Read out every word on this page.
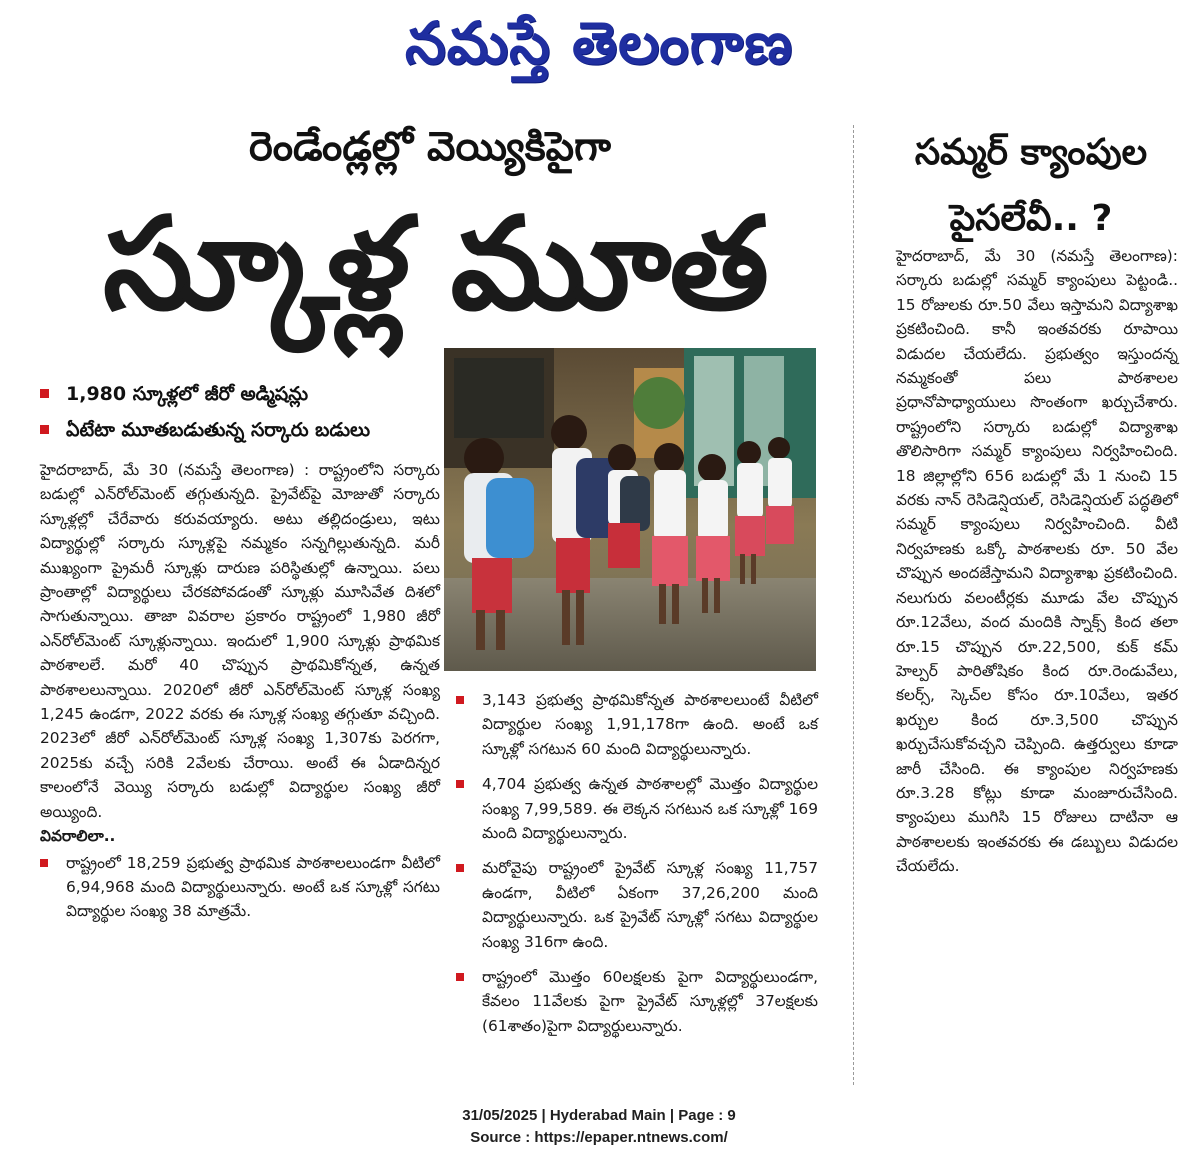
నమస్తే తెలంగాణ
రెండేండ్లల్లో వెయ్యికిపైగా
స్కూళ్ల మూత
1,980 స్కూళ్లలో జీరో అడ్మిషన్లు
ఏటేటా మూతబడుతున్న సర్కారు బడులు

హైదరాబాద్, మే 30 (నమస్తే తెలంగాణ) : రాష్ట్రంలోని సర్కారు బడుల్లో ఎన్‌రోల్‌మెంట్ తగ్గుతున్నది. ప్రైవేట్‌పై మోజుతో సర్కారు స్కూళ్లల్లో చేరేవారు కరువయ్యారు. అటు తల్లిదండ్రులు, ఇటు విద్యార్థుల్లో సర్కారు స్కూళ్లపై నమ్మకం సన్నగిల్లుతున్నది. మరీ ముఖ్యంగా ప్రైమరీ స్కూళ్లు దారుణ పరిస్థితుల్లో ఉన్నాయి. పలు ప్రాంతాల్లో విద్యార్థులు చేరకపోవడంతో స్కూళ్లు మూసివేత దిశలో సాగుతున్నాయి. తాజా వివరాల ప్రకారం రాష్ట్రంలో 1,980 జీరో ఎన్‌రోల్‌మెంట్ స్కూళ్లున్నాయి. ఇందులో 1,900 స్కూళ్లు ప్రాథమిక పాఠశాలలే. మరో 40 చొప్పున ప్రాథమికోన్నత, ఉన్నత పాఠశాలలున్నాయి. 2020లో జీరో ఎన్‌రోల్‌మెంట్ స్కూళ్ల సంఖ్య 1,245 ఉండగా, 2022 వరకు ఈ స్కూళ్ల సంఖ్య తగ్గుతూ వచ్చింది. 2023లో జీరో ఎన్‌రోల్‌మెంట్ స్కూళ్ల సంఖ్య 1,307కు పెరగగా, 2025కు వచ్చే సరికి 2వేలకు చేరాయి. అంటే ఈ ఏడాదిన్నర కాలంలోనే వెయ్యి సర్కారు బడుల్లో విద్యార్థుల సంఖ్య జీరో అయ్యింది.

వివరాలిలా..

రాష్ట్రంలో 18,259 ప్రభుత్వ ప్రాథమిక పాఠశాలలుండగా వీటిలో 6,94,968 మంది విద్యార్థులున్నారు. అంటే ఒక స్కూళ్లో సగటు విద్యార్థుల సంఖ్య 38 మాత్రమే.

3,143 ప్రభుత్వ ప్రాథమికోన్నత పాఠశాలలుంటే వీటిలో విద్యార్థుల సంఖ్య 1,91,178గా ఉంది. అంటే ఒక స్కూళ్లో సగటున 60 మంది విద్యార్థులున్నారు.

4,704 ప్రభుత్వ ఉన్నత పాఠశాలల్లో మొత్తం విద్యార్థుల సంఖ్య 7,99,589. ఈ లెక్కన సగటున ఒక స్కూళ్లో 169 మంది విద్యార్థులున్నారు.

మరోవైపు రాష్ట్రంలో ప్రైవేట్ స్కూళ్ల సంఖ్య 11,757 ఉండగా, వీటిలో ఏకంగా 37,26,200 మంది విద్యార్థులున్నారు. ఒక ప్రైవేట్ స్కూళ్లో సగటు విద్యార్థుల సంఖ్య 316గా ఉంది.

రాష్ట్రంలో మొత్తం 60లక్షలకు పైగా విద్యార్థులుండగా, కేవలం 11వేలకు పైగా ప్రైవేట్ స్కూళ్లల్లో 37లక్షలకు (61శాతం)పైగా విద్యార్థులున్నారు.

సమ్మర్ క్యాంపుల
పైసలేవీ.. ?

హైదరాబాద్, మే 30 (నమస్తే తెలంగాణ): సర్కారు బడుల్లో సమ్మర్ క్యాంపులు పెట్టండి.. 15 రోజులకు రూ.50 వేలు ఇస్తామని విద్యాశాఖ ప్రకటించింది. కానీ ఇంతవరకు రూపాయి విడుదల చేయలేదు. ప్రభుత్వం ఇస్తుందన్న నమ్మకంతో పలు పాఠశాలల ప్రధానోపాధ్యాయులు సొంతంగా ఖర్చుచేశారు. రాష్ట్రంలోని సర్కారు బడుల్లో విద్యాశాఖ తొలిసారిగా సమ్మర్ క్యాంపులు నిర్వహించింది. 18 జిల్లాల్లోని 656 బడుల్లో మే 1 నుంచి 15 వరకు నాన్ రెసిడెన్షియల్, రెసిడెన్షియల్ పద్ధతిలో సమ్మర్ క్యాంపులు నిర్వహించింది. వీటి నిర్వహణకు ఒక్కో పాఠశాలకు రూ. 50 వేల చొప్పున అందజేస్తామని విద్యాశాఖ ప్రకటించింది. నలుగురు వలంటీర్లకు మూడు వేల చొప్పున రూ.12వేలు, వంద మందికి స్నాక్స్ కింద తలా రూ.15 చొప్పున రూ.22,500, కుక్ కమ్ హెల్పర్ పారితోషికం కింద రూ.రెండువేలు, కలర్స్, స్కెచ్‌ల కోసం రూ.10వేలు, ఇతర ఖర్చుల కింద రూ.3,500 చొప్పున ఖర్చుచేసుకోవచ్చని చెప్పింది. ఉత్తర్వులు కూడా జారీ చేసింది. ఈ క్యాంపుల నిర్వహణకు రూ.3.28 కోట్లు కూడా మంజూరుచేసింది. క్యాంపులు ముగిసి 15 రోజులు దాటినా ఆ పాఠశాలలకు ఇంతవరకు ఈ డబ్బులు విడుదల చేయలేదు.

31/05/2025 | Hyderabad Main | Page : 9
Source : https://epaper.ntnews.com/
